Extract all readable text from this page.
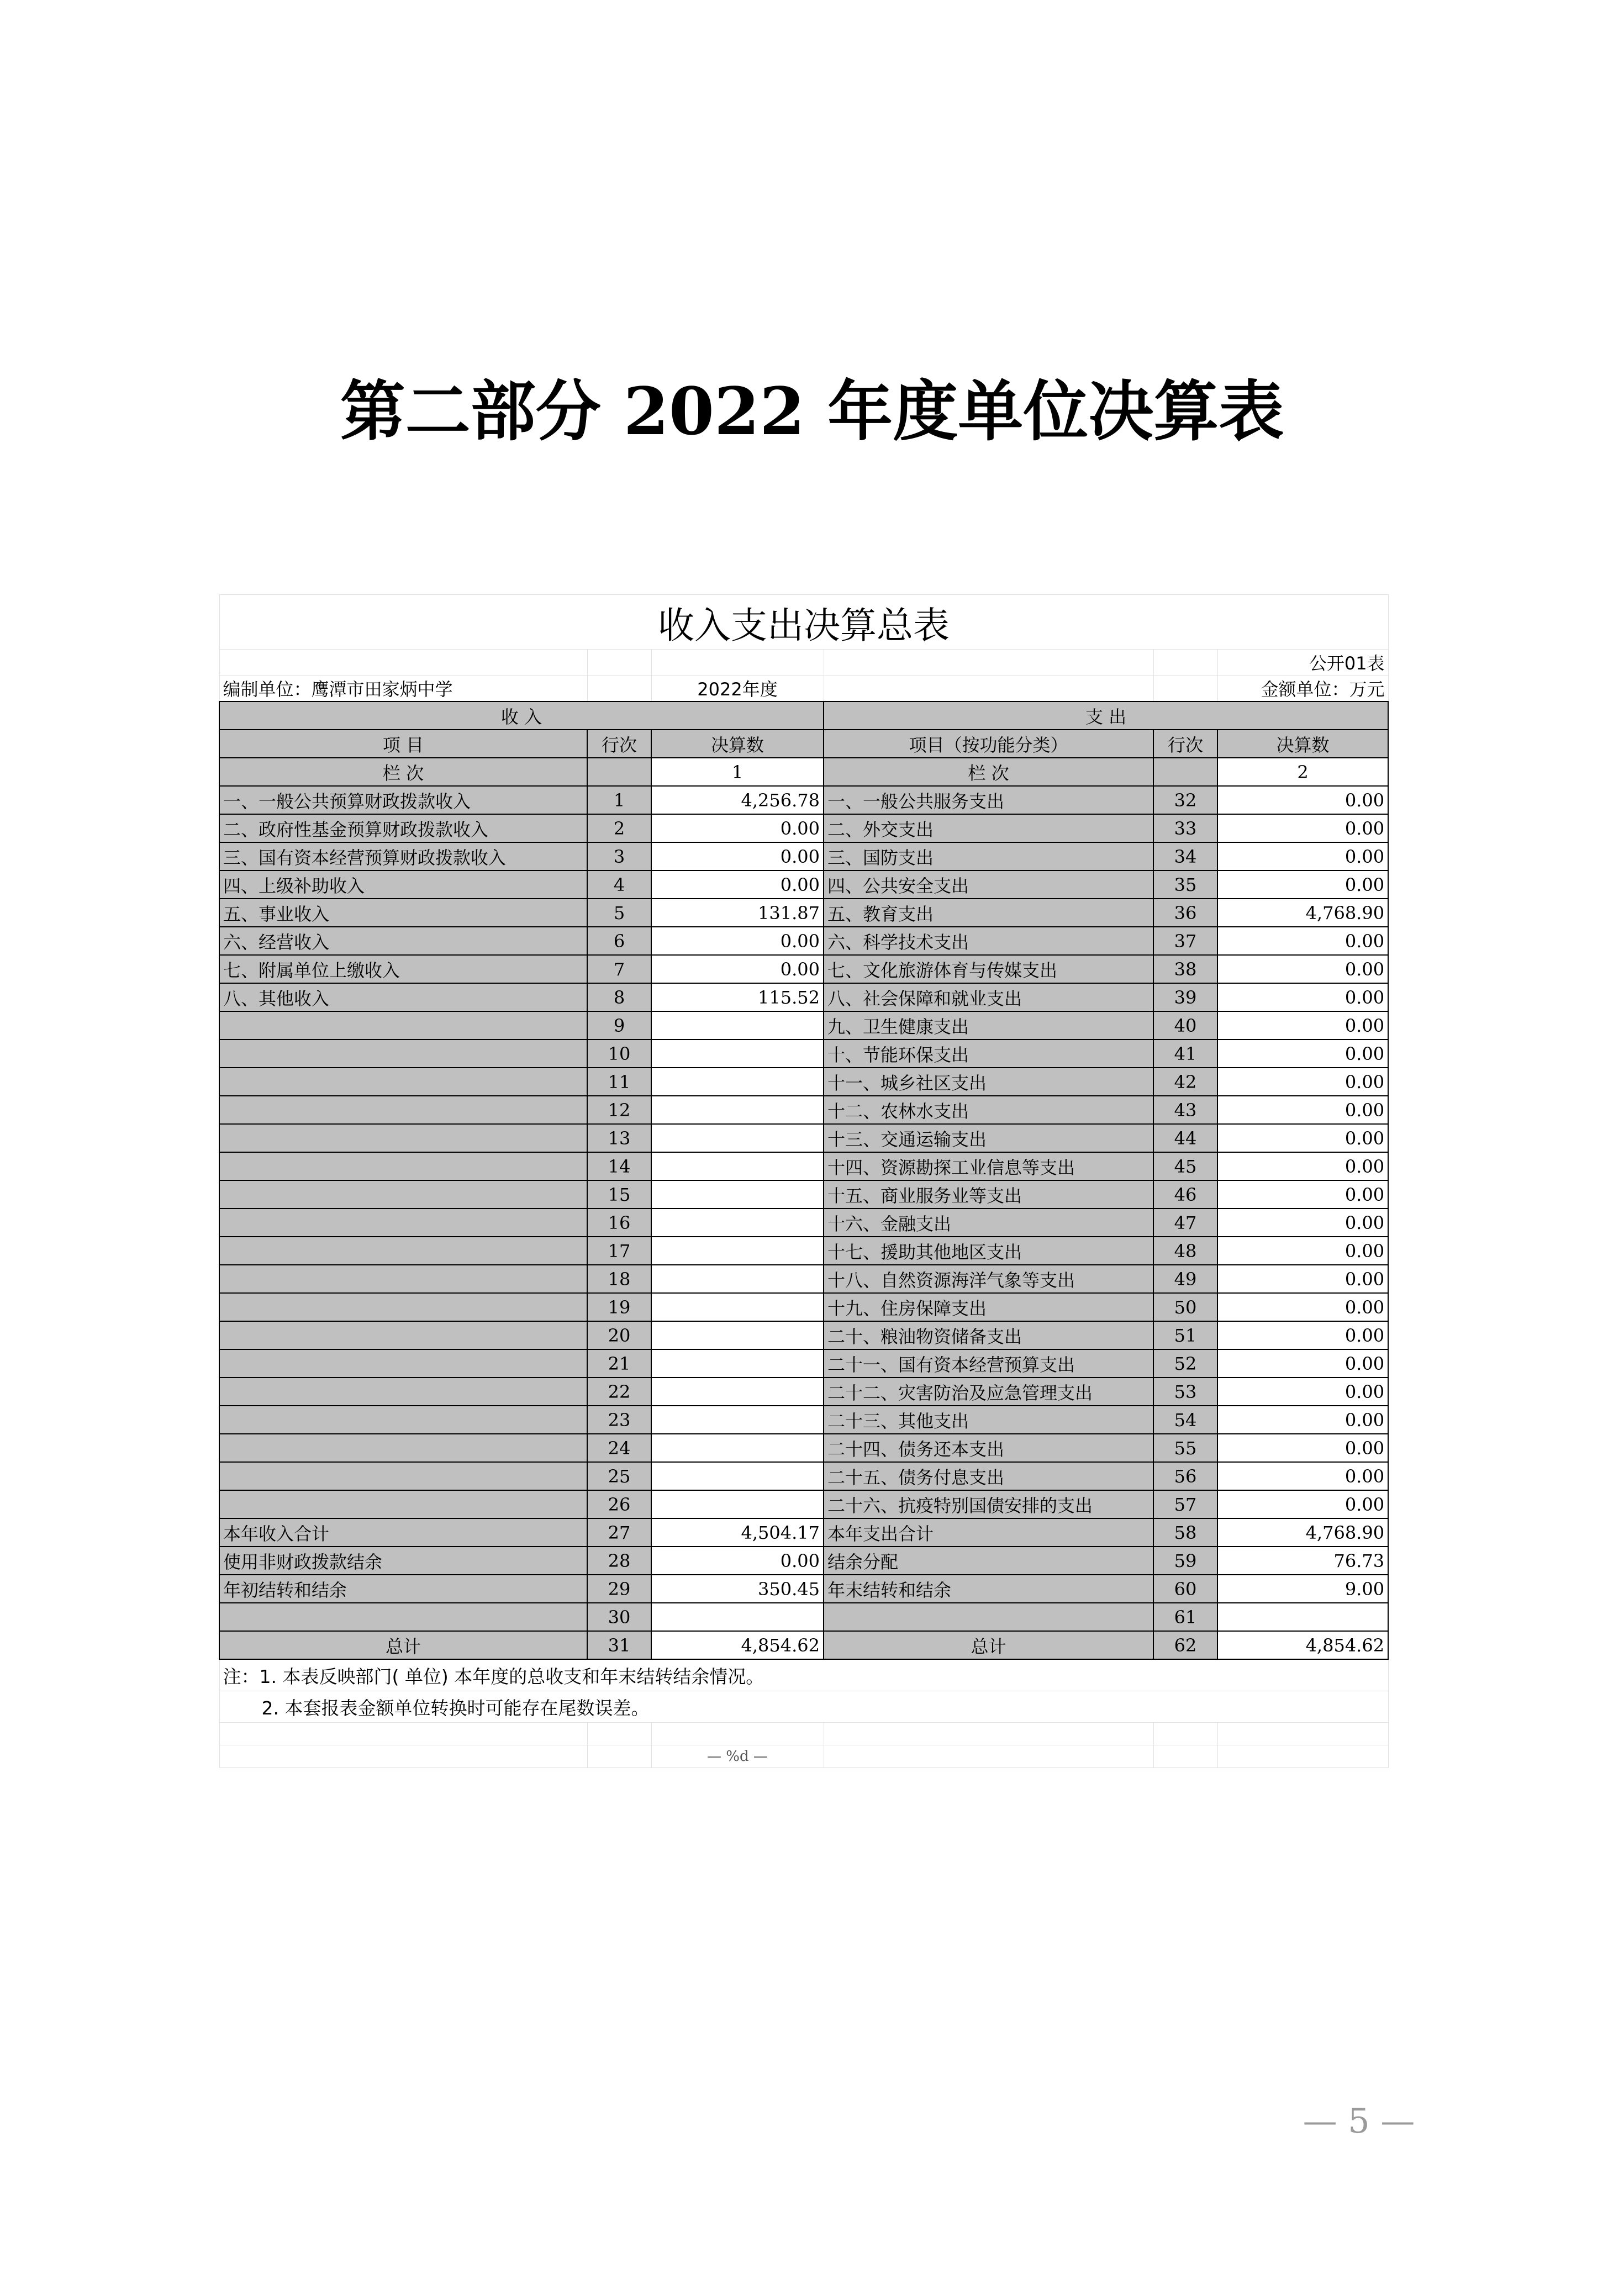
第二部分 2022 年度单位决算表
收入支出决算总表					
					公开01表
编制单位：鹰潭市田家炳中学		2022年度			金额单位：万元
收 入			支 出		
项 目	行次	决算数	项目（按功能分类）	行次	决算数
栏 次		1	栏 次		2
一、一般公共预算财政拨款收入	1	4,256.78	一、一般公共服务支出	32	0.00
二、政府性基金预算财政拨款收入	2	0.00	二、外交支出	33	0.00
三、国有资本经营预算财政拨款收入	3	0.00	三、国防支出	34	0.00
四、上级补助收入	4	0.00	四、公共安全支出	35	0.00
五、事业收入	5	131.87	五、教育支出	36	4,768.90
六、经营收入	6	0.00	六、科学技术支出	37	0.00
七、附属单位上缴收入	7	0.00	七、文化旅游体育与传媒支出	38	0.00
八、其他收入	8	115.52	八、社会保障和就业支出	39	0.00
	9		九、卫生健康支出	40	0.00
	10		十、节能环保支出	41	0.00
	11		十一、城乡社区支出	42	0.00
	12		十二、农林水支出	43	0.00
	13		十三、交通运输支出	44	0.00
	14		十四、资源勘探工业信息等支出	45	0.00
	15		十五、商业服务业等支出	46	0.00
	16		十六、金融支出	47	0.00
	17		十七、援助其他地区支出	48	0.00
	18		十八、自然资源海洋气象等支出	49	0.00
	19		十九、住房保障支出	50	0.00
	20		二十、粮油物资储备支出	51	0.00
	21		二十一、国有资本经营预算支出	52	0.00
	22		二十二、灾害防治及应急管理支出	53	0.00
	23		二十三、其他支出	54	0.00
	24		二十四、债务还本支出	55	0.00
	25		二十五、债务付息支出	56	0.00
	26		二十六、抗疫特别国债安排的支出	57	0.00
本年收入合计	27	4,504.17	本年支出合计	58	4,768.90
使用非财政拨款结余	28	0.00	结余分配	59	76.73
年初结转和结余	29	350.45	年末结转和结余	60	9.00
	30			61	
总计	31	4,854.62	总计	62	4,854.62
注：1. 本表反映部门( 单位) 本年度的总收支和年末结转结余情况。					
2. 本套报表金额单位转换时可能存在尾数误差。					

		— %d —			
— 5 —
